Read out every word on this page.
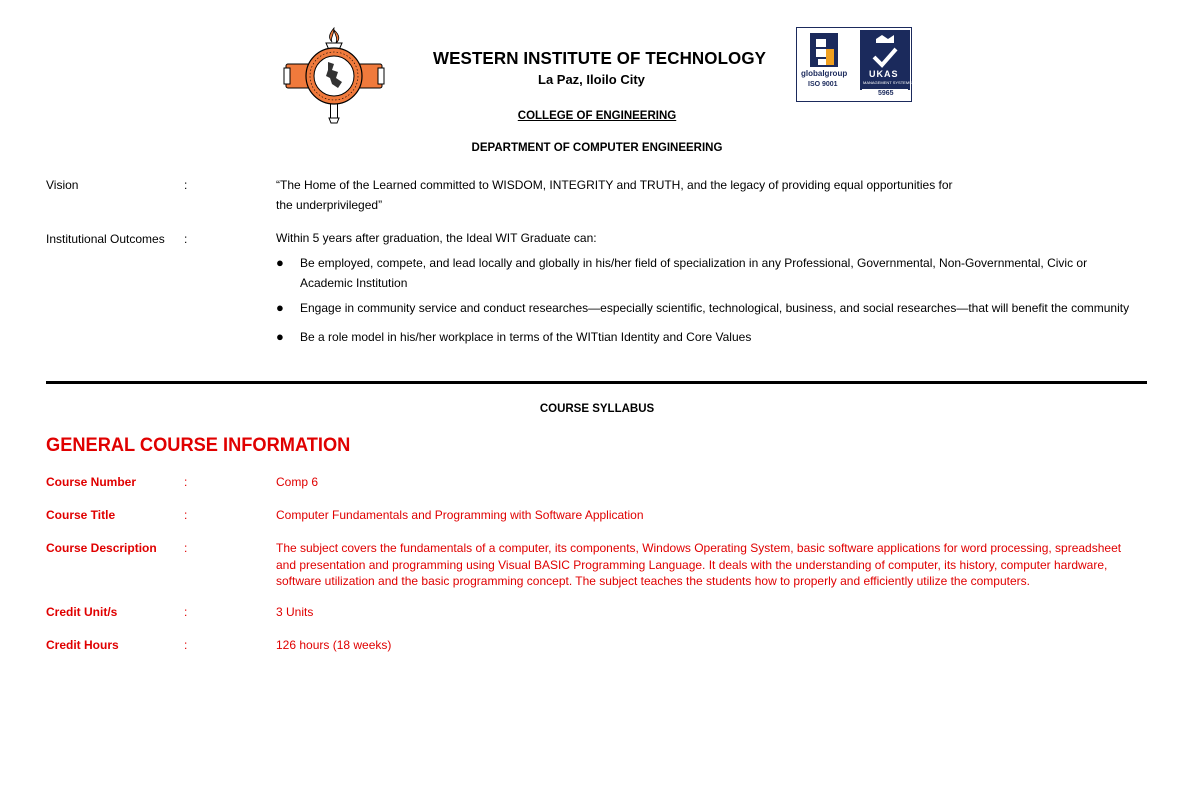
globalgroup
ISO 9001
UKAS
MANAGEMENT SYSTEMS
5965
WESTERN INSTITUTE OF TECHNOLOGY
La Paz, Iloilo City
COLLEGE OF ENGINEERING
DEPARTMENT OF COMPUTER ENGINEERING
Vision	:	“The Home of the Learned committed to WISDOM, INTEGRITY and TRUTH, and the legacy of providing equal opportunities for the underprivileged”
Institutional Outcomes :	Within 5 years after graduation, the Ideal WIT Graduate can:
●	Be employed, compete, and lead locally and globally in his/her field of specialization in any Professional, Governmental, Non-Governmental, Civic or Academic Institution
●	Engage in community service and conduct researches—especially scientific, technological, business, and social researches—that will benefit the community
●	Be a role model in his/her workplace in terms of the WITtian Identity and Core Values
COURSE SYLLABUS
GENERAL COURSE INFORMATION
Course Number	:	Comp 6
Course Title	:	Computer Fundamentals and Programming with Software Application
Course Description :	The subject covers the fundamentals of a computer, its components, Windows Operating System, basic software applications for word processing, spreadsheet and presentation and programming using Visual BASIC Programming Language. It deals with the understanding of computer, its history, computer hardware, software utilization and the basic programming concept. The subject teaches the students how to properly and efficiently utilize the computers.
Credit Unit/s	:	3 Units
Credit Hours	:	126 hours (18 weeks)
